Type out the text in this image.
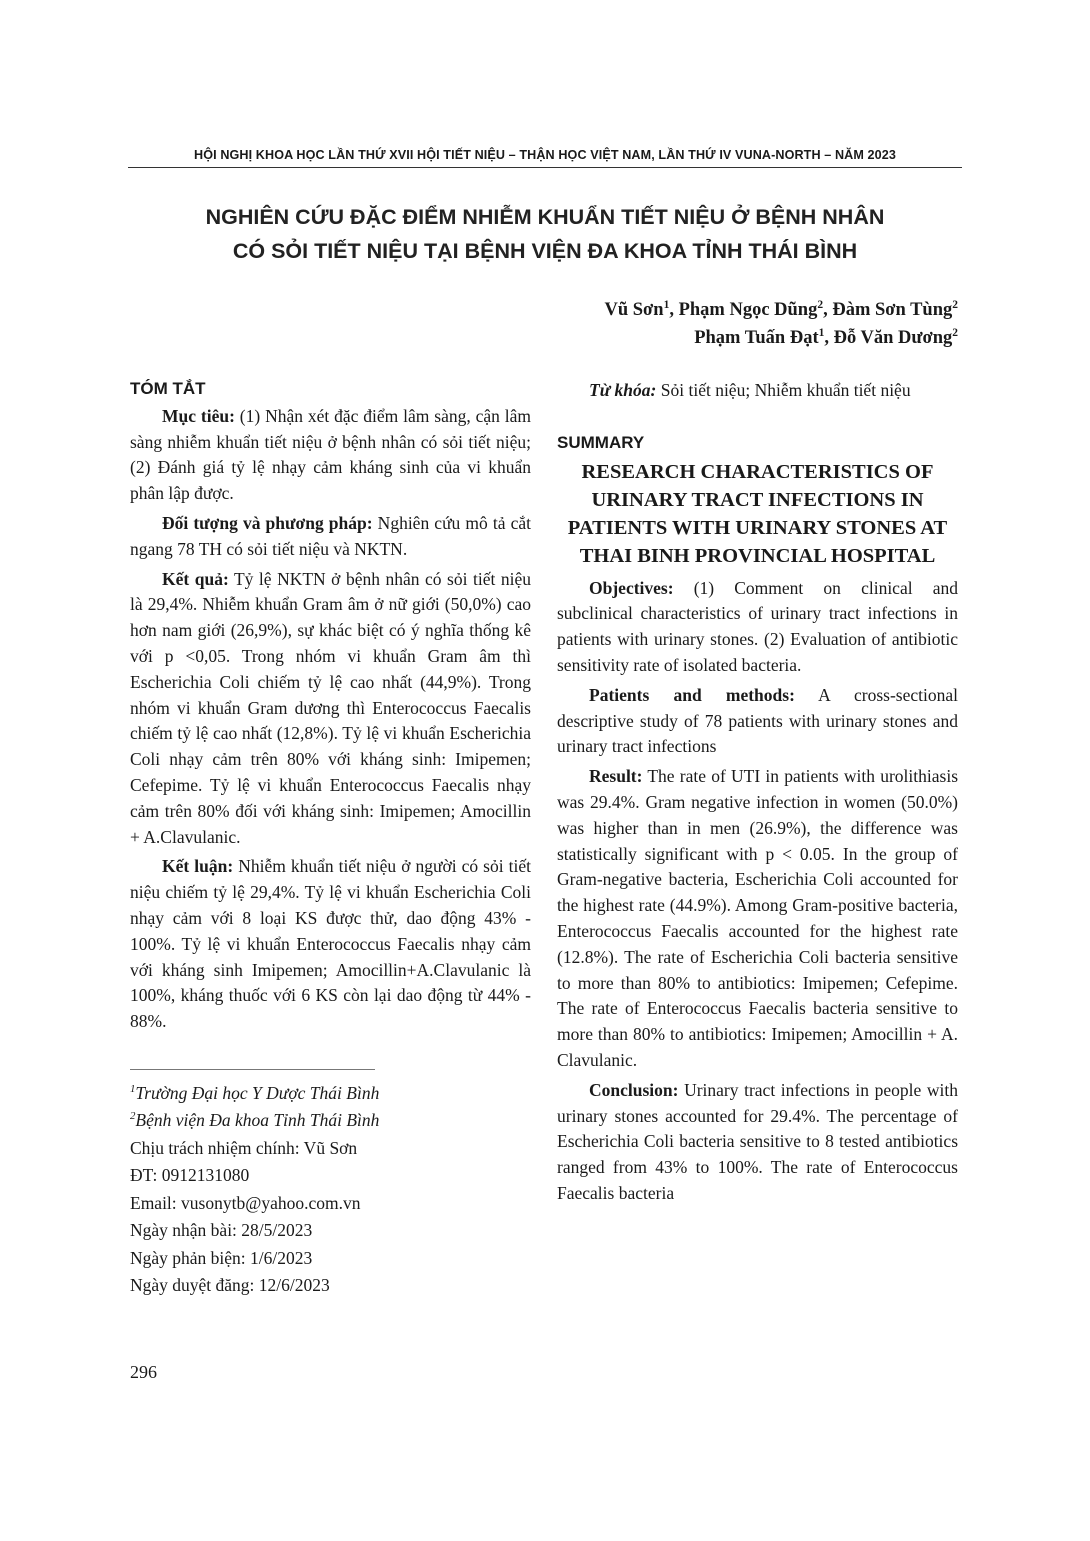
HỘI NGHỊ KHOA HỌC LẦN THỨ XVII HỘI TIẾT NIỆU – THẬN HỌC VIỆT NAM, LẦN THỨ IV VUNA-NORTH – NĂM 2023
NGHIÊN CỨU ĐẶC ĐIỂM NHIỄM KHUẨN TIẾT NIỆU Ở BỆNH NHÂN
CÓ SỎI TIẾT NIỆU TẠI BỆNH VIỆN ĐA KHOA TỈNH THÁI BÌNH
Vũ Sơn$^1$, Phạm Ngọc Dũng$^2$, Đàm Sơn Tùng$^2$
Phạm Tuấn Đạt$^1$, Đỗ Văn Dương$^2$
TÓM TẮT

Mục tiêu: (1) Nhận xét đặc điểm lâm sàng, cận lâm sàng nhiễm khuẩn tiết niệu ở bệnh nhân có sỏi tiết niệu; (2) Đánh giá tỷ lệ nhạy cảm kháng sinh của vi khuẩn phân lập được.

Đối tượng và phương pháp: Nghiên cứu mô tả cắt ngang 78 TH có sỏi tiết niệu và NKTN.

Kết quả: Tỷ lệ NKTN ở bệnh nhân có sỏi tiết niệu là 29,4%. Nhiễm khuẩn Gram âm ở nữ giới (50,0%) cao hơn nam giới (26,9%), sự khác biệt có ý nghĩa thống kê với p <0,05. Trong nhóm vi khuẩn Gram âm thì Escherichia Coli chiếm tỷ lệ cao nhất (44,9%). Trong nhóm vi khuẩn Gram dương thì Enterococcus Faecalis chiếm tỷ lệ cao nhất (12,8%). Tỷ lệ vi khuẩn Escherichia Coli nhạy cảm trên 80% với kháng sinh: Imipemen; Cefepime. Tỷ lệ vi khuẩn Enterococcus Faecalis nhạy cảm trên 80% đối với kháng sinh: Imipemen; Amocillin + A.Clavulanic.

Kết luận: Nhiễm khuẩn tiết niệu ở người có sỏi tiết niệu chiếm tỷ lệ 29,4%. Tỷ lệ vi khuẩn Escherichia Coli nhạy cảm với 8 loại KS được thử, dao động 43% - 100%. Tỷ lệ vi khuẩn Enterococcus Faecalis nhạy cảm với kháng sinh Imipemen; Amocillin+A.Clavulanic là 100%, kháng thuốc với 6 KS còn lại dao động từ 44% - 88%.

$^1$Trường Đại học Y Dược Thái Bình
$^2$Bệnh viện Đa khoa Tỉnh Thái Bình
Chịu trách nhiệm chính: Vũ Sơn
ĐT: 0912131080
Email: vusonytb@yahoo.com.vn
Ngày nhận bài: 28/5/2023
Ngày phản biện: 1/6/2023
Ngày duyệt đăng: 12/6/2023

Từ khóa: Sỏi tiết niệu; Nhiễm khuẩn tiết niệu

SUMMARY
RESEARCH CHARACTERISTICS OF URINARY TRACT INFECTIONS IN PATIENTS WITH URINARY STONES AT THAI BINH PROVINCIAL HOSPITAL

Objectives: (1) Comment on clinical and subclinical characteristics of urinary tract infections in patients with urinary stones. (2) Evaluation of antibiotic sensitivity rate of isolated bacteria.

Patients and methods: A cross-sectional descriptive study of 78 patients with urinary stones and urinary tract infections

Result: The rate of UTI in patients with urolithiasis was 29.4%. Gram negative infection in women (50.0%) was higher than in men (26.9%), the difference was statistically significant with p < 0.05. In the group of Gram-negative bacteria, Escherichia Coli accounted for the highest rate (44.9%). Among Gram-positive bacteria, Enterococcus Faecalis accounted for the highest rate (12.8%). The rate of Escherichia Coli bacteria sensitive to more than 80% to antibiotics: Imipemen; Cefepime. The rate of Enterococcus Faecalis bacteria sensitive to more than 80% to antibiotics: Imipemen; Amocillin + A. Clavulanic.

Conclusion: Urinary tract infections in people with urinary stones accounted for 29.4%. The percentage of Escherichia Coli bacteria sensitive to 8 tested antibiotics ranged from 43% to 100%. The rate of Enterococcus Faecalis bacteria

296
